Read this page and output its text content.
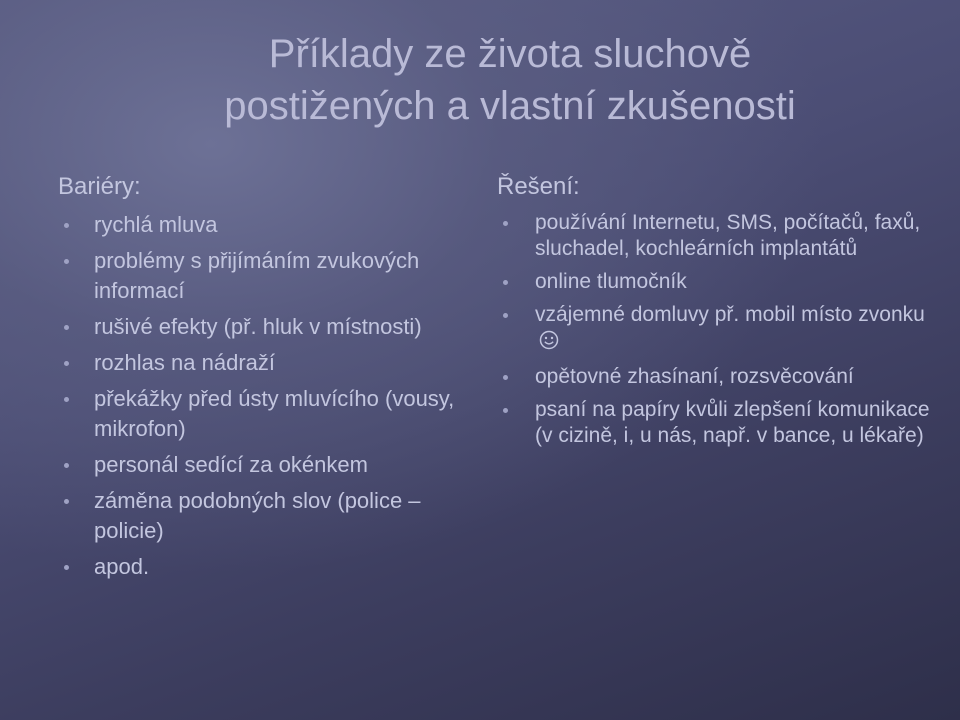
Příklady ze života sluchově
postižených a vlastní zkušenosti
Bariéry:
rychlá mluva
problémy s přijímáním zvukových informací
rušivé efekty (př. hluk v místnosti)
rozhlas na nádraží
překážky před ústy mluvícího (vousy, mikrofon)
personál sedící za okénkem
záměna podobných slov (police – policie)
apod.
Řešení:
používání Internetu, SMS, počítačů, faxů, sluchadel, kochleárních implantátů
online tlumočník
vzájemné domluvy př. mobil místo zvonku
opětovné zhasínaní, rozsvěcování
psaní na papíry kvůli zlepšení komunikace (v cizině, i, u nás, např. v bance, u lékaře)
